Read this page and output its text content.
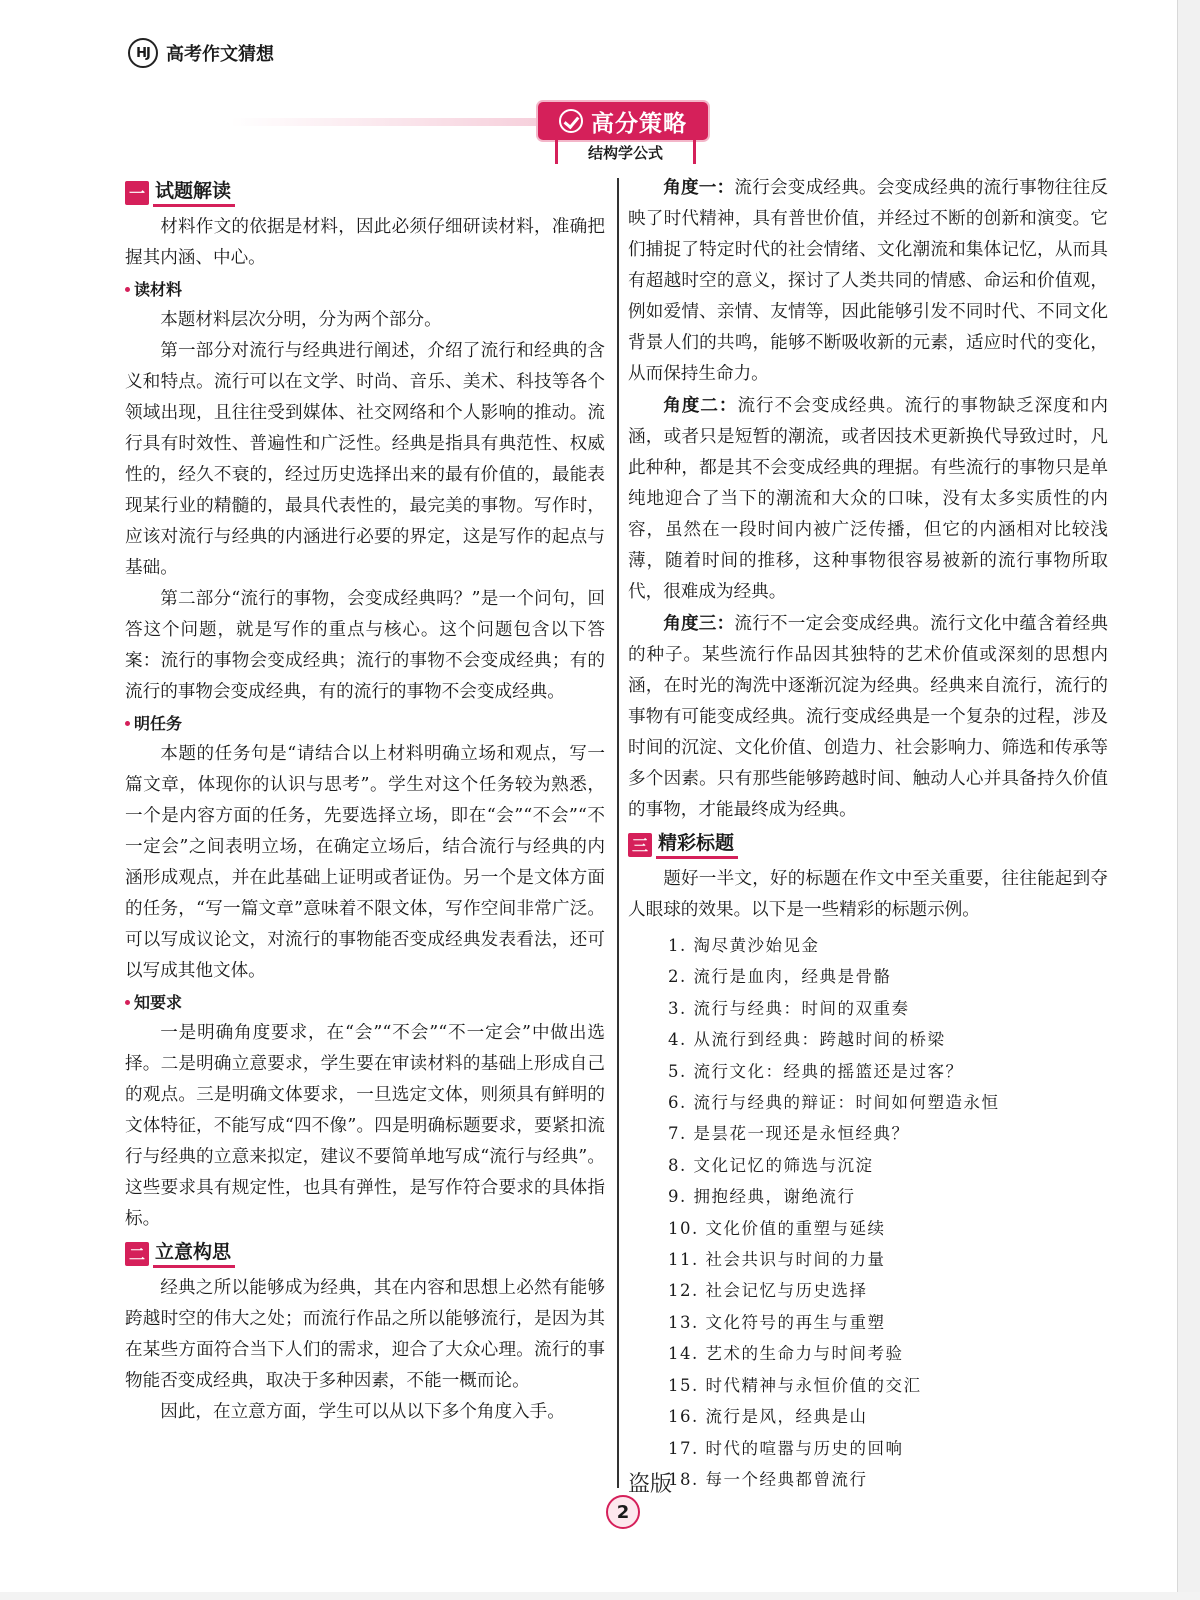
HJ 高考作文猜想
高分策略
结构学公式
一 试题解读

材料作文的依据是材料，因此必须仔细研读材料，准确把握其内涵、中心。

读材料

本题材料层次分明，分为两个部分。

第一部分对流行与经典进行阐述，介绍了流行和经典的含义和特点。流行可以在文学、时尚、音乐、美术、科技等各个领域出现，且往往受到媒体、社交网络和个人影响的推动。流行具有时效性、普遍性和广泛性。经典是指具有典范性、权威性的，经久不衰的，经过历史选择出来的最有价值的，最能表现某行业的精髓的，最具代表性的，最完美的事物。写作时，应该对流行与经典的内涵进行必要的界定，这是写作的起点与基础。

第二部分“流行的事物，会变成经典吗？”是一个问句，回答这个问题，就是写作的重点与核心。这个问题包含以下答案：流行的事物会变成经典；流行的事物不会变成经典；有的流行的事物会变成经典，有的流行的事物不会变成经典。

明任务

本题的任务句是“请结合以上材料明确立场和观点，写一篇文章，体现你的认识与思考”。学生对这个任务较为熟悉，一个是内容方面的任务，先要选择立场，即在“会”“不会”“不一定会”之间表明立场，在确定立场后，结合流行与经典的内涵形成观点，并在此基础上证明或者证伪。另一个是文体方面的任务，“写一篇文章”意味着不限文体，写作空间非常广泛。可以写成议论文，对流行的事物能否变成经典发表看法，还可以写成其他文体。

知要求

一是明确角度要求，在“会”“不会”“不一定会”中做出选择。二是明确立意要求，学生要在审读材料的基础上形成自己的观点。三是明确文体要求，一旦选定文体，则须具有鲜明的文体特征，不能写成“四不像”。四是明确标题要求，要紧扣流行与经典的立意来拟定，建议不要简单地写成“流行与经典”。这些要求具有规定性，也具有弹性，是写作符合要求的具体指标。

二 立意构思

经典之所以能够成为经典，其在内容和思想上必然有能够跨越时空的伟大之处；而流行作品之所以能够流行，是因为其在某些方面符合当下人们的需求，迎合了大众心理。流行的事物能否变成经典，取决于多种因素，不能一概而论。

因此，在立意方面，学生可以从以下多个角度入手。

角度一：流行会变成经典。会变成经典的流行事物往往反映了时代精神，具有普世价值，并经过不断的创新和演变。它们捕捉了特定时代的社会情绪、文化潮流和集体记忆，从而具有超越时空的意义，探讨了人类共同的情感、命运和价值观，例如爱情、亲情、友情等，因此能够引发不同时代、不同文化背景人们的共鸣，能够不断吸收新的元素，适应时代的变化，从而保持生命力。

角度二：流行不会变成经典。流行的事物缺乏深度和内涵，或者只是短暂的潮流，或者因技术更新换代导致过时，凡此种种，都是其不会变成经典的理据。有些流行的事物只是单纯地迎合了当下的潮流和大众的口味，没有太多实质性的内容，虽然在一段时间内被广泛传播，但它的内涵相对比较浅薄，随着时间的推移，这种事物很容易被新的流行事物所取代，很难成为经典。

角度三：流行不一定会变成经典。流行文化中蕴含着经典的种子。某些流行作品因其独特的艺术价值或深刻的思想内涵，在时光的淘洗中逐渐沉淀为经典。经典来自流行，流行的事物有可能变成经典。流行变成经典是一个复杂的过程，涉及时间的沉淀、文化价值、创造力、社会影响力、筛选和传承等多个因素。只有那些能够跨越时间、触动人心并具备持久价值的事物，才能最终成为经典。

三 精彩标题

题好一半文，好的标题在作文中至关重要，往往能起到夺人眼球的效果。以下是一些精彩的标题示例。

1. 淘尽黄沙始见金
2. 流行是血肉，经典是骨骼
3. 流行与经典：时间的双重奏
4. 从流行到经典：跨越时间的桥梁
5. 流行文化：经典的摇篮还是过客？
6. 流行与经典的辩证：时间如何塑造永恒
7. 是昙花一现还是永恒经典？
8. 文化记忆的筛选与沉淀
9. 拥抱经典，谢绝流行
10. 文化价值的重塑与延续
11. 社会共识与时间的力量
12. 社会记忆与历史选择
13. 文化符号的再生与重塑
14. 艺术的生命力与时间考验
15. 时代精神与永恒价值的交汇
16. 流行是风，经典是山
17. 时代的喧嚣与历史的回响
18. 每一个经典都曾流行
盗版
2
